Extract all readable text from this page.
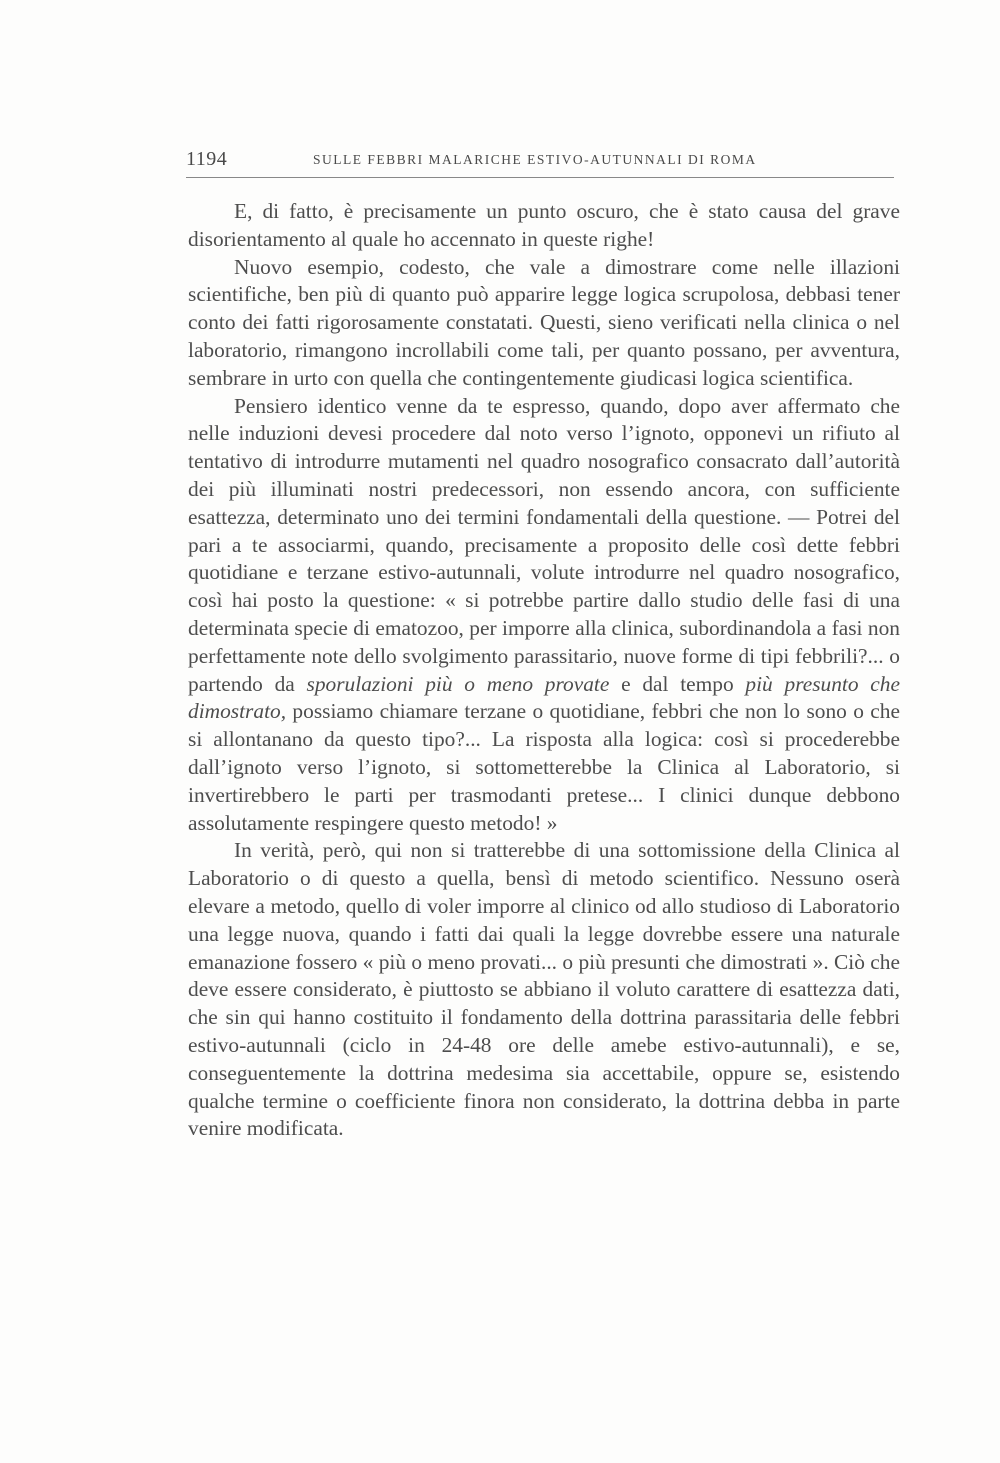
1194	SULLE FEBBRI MALARICHE ESTIVO-AUTUNNALI DI ROMA

E, di fatto, è precisamente un punto oscuro, che è stato causa del grave disorientamento al quale ho accennato in queste righe!

Nuovo esempio, codesto, che vale a dimostrare come nelle illazioni scientifiche, ben più di quanto può apparire legge logica scrupolosa, debbasi tener conto dei fatti rigorosamente constatati. Questi, sieno verificati nella clinica o nel laboratorio, rimangono incrollabili come tali, per quanto possano, per avventura, sembrare in urto con quella che contingentemente giudicasi logica scientifica.

Pensiero identico venne da te espresso, quando, dopo aver affermato che nelle induzioni devesi procedere dal noto verso l’ignoto, opponevi un rifiuto al tentativo di introdurre mutamenti nel quadro nosografico consacrato dall’autorità dei più illuminati nostri predecessori, non essendo ancora, con sufficiente esattezza, determinato uno dei termini fondamentali della questione. — Potrei del pari a te associarmi, quando, precisamente a proposito delle così dette febbri quotidiane e terzane estivo-autunnali, volute introdurre nel quadro nosografico, così hai posto la questione: « si potrebbe partire dallo studio delle fasi di una determinata specie di ematozoo, per imporre alla clinica, subordinandola a fasi non perfettamente note dello svolgimento parassitario, nuove forme di tipi febbrili?... o partendo da sporulazioni più o meno provate e dal tempo più presunto che dimostrato, possiamo chiamare terzane o quotidiane, febbri che non lo sono o che si allontanano da questo tipo?... La risposta alla logica: così si procederebbe dall’ignoto verso l’ignoto, si sottometterebbe la Clinica al Laboratorio, si invertirebbero le parti per trasmodanti pretese... I clinici dunque debbono assolutamente respingere questo metodo! »

In verità, però, qui non si tratterebbe di una sottomissione della Clinica al Laboratorio o di questo a quella, bensì di metodo scientifico. Nessuno oserà elevare a metodo, quello di voler imporre al clinico od allo studioso di Laboratorio una legge nuova, quando i fatti dai quali la legge dovrebbe essere una naturale emanazione fossero « più o meno provati... o più presunti che dimostrati ». Ciò che deve essere considerato, è piuttosto se abbiano il voluto carattere di esattezza dati, che sin qui hanno costituito il fondamento della dottrina parassitaria delle febbri estivo-autunnali (ciclo in 24-48 ore delle amebe estivo-autunnali), e se, conseguentemente la dottrina medesima sia accettabile, oppure se, esistendo qualche termine o coefficiente finora non considerato, la dottrina debba in parte venire modificata.
